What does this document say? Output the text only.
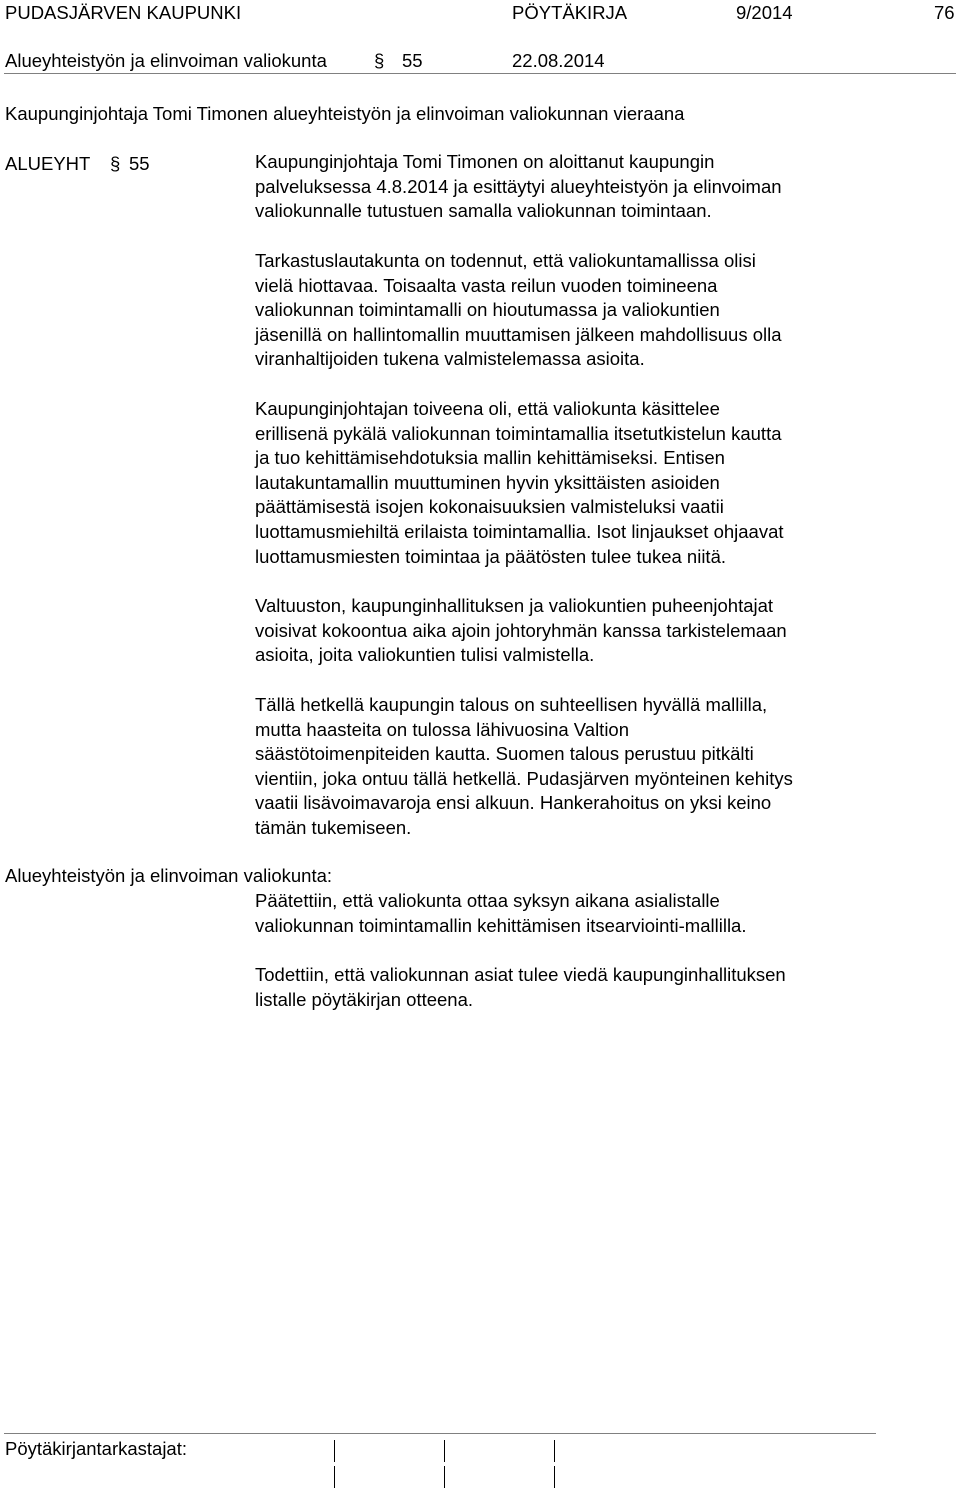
PUDASJÄRVEN KAUPUNKI	PÖYTÄKIRJA	9/2014	76
Alueyhteistyön ja elinvoiman valiokunta	§ 55	22.08.2014
Kaupunginjohtaja Tomi Timonen alueyhteistyön ja elinvoiman valiokunnan vieraana
ALUEYHT § 55	Kaupunginjohtaja Tomi Timonen on aloittanut kaupungin
palveluksessa 4.8.2014 ja esittäytyi alueyhteistyön ja elinvoiman
valiokunnalle tutustuen samalla valiokunnan toimintaan.
Tarkastuslautakunta on todennut, että valiokuntamallissa olisi
vielä hiottavaa. Toisaalta vasta reilun vuoden toimineena
valiokunnan toimintamalli on hioutumassa ja valiokuntien
jäsenillä on hallintomallin muuttamisen jälkeen mahdollisuus olla
viranhaltijoiden tukena valmistelemassa asioita.
Kaupunginjohtajan toiveena oli, että valiokunta käsittelee
erillisenä pykälä valiokunnan toimintamallia itsetutkistelun kautta
ja tuo kehittämisehdotuksia mallin kehittämiseksi. Entisen
lautakuntamallin muuttuminen hyvin yksittäisten asioiden
päättämisestä isojen kokonaisuuksien valmisteluksi vaatii
luottamusmiehiltä erilaista toimintamallia. Isot linjaukset ohjaavat
luottamusmiesten toimintaa ja päätösten tulee tukea niitä.
Valtuuston, kaupunginhallituksen ja valiokuntien puheenjohtajat
voisivat kokoontua aika ajoin johtoryhmän kanssa tarkistelemaan
asioita, joita valiokuntien tulisi valmistella.
Tällä hetkellä kaupungin talous on suhteellisen hyvällä mallilla,
mutta haasteita on tulossa lähivuosina Valtion
säästötoimenpiteiden kautta. Suomen talous perustuu pitkälti
vientiin, joka ontuu tällä hetkellä. Pudasjärven myönteinen kehitys
vaatii lisävoimavaroja ensi alkuun. Hankerahoitus on yksi keino
tämän tukemiseen.
Alueyhteistyön ja elinvoiman valiokunta:
Päätettiin, että valiokunta ottaa syksyn aikana asialistalle
valiokunnan toimintamallin kehittämisen itsearviointi-mallilla.
Todettiin, että valiokunnan asiat tulee viedä kaupunginhallituksen
listalle pöytäkirjan otteena.
Pöytäkirjantarkastajat:
